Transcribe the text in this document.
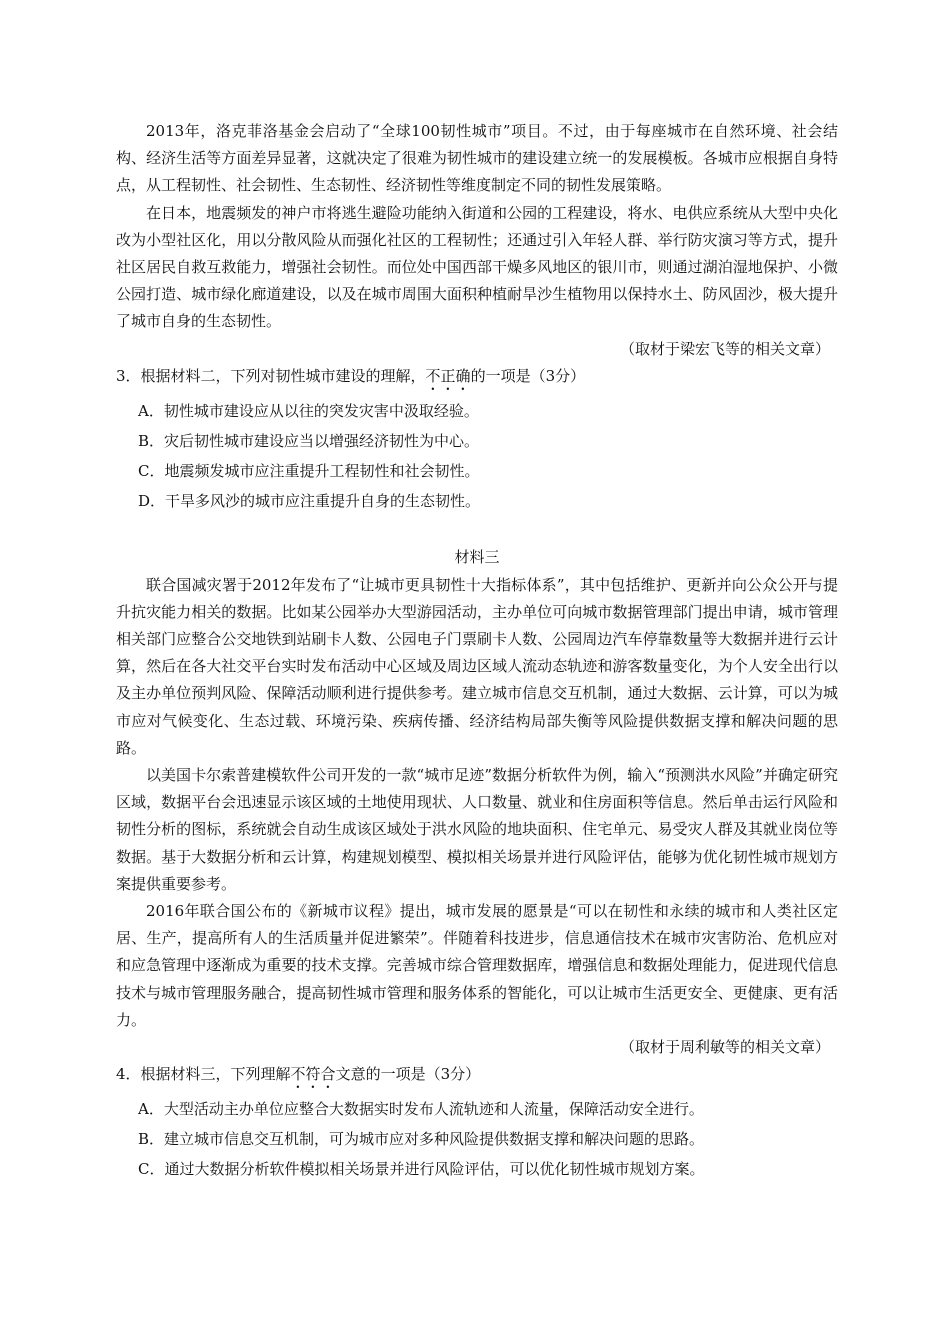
2013年，洛克菲洛基金会启动了“全球100韧性城市”项目。不过，由于每座城市在自然环境、社会结构、经济生活等方面差异显著，这就决定了很难为韧性城市的建设建立统一的发展模板。各城市应根据自身特点，从工程韧性、社会韧性、生态韧性、经济韧性等维度制定不同的韧性发展策略。

在日本，地震频发的神户市将逃生避险功能纳入街道和公园的工程建设，将水、电供应系统从大型中央化改为小型社区化，用以分散风险从而强化社区的工程韧性；还通过引入年轻人群、举行防灾演习等方式，提升社区居民自救互救能力，增强社会韧性。而位处中国西部干燥多风地区的银川市，则通过湖泊湿地保护、小微公园打造、城市绿化廊道建设，以及在城市周围大面积种植耐旱沙生植物用以保持水土、防风固沙，极大提升了城市自身的生态韧性。

（取材于梁宏飞等的相关文章）

3．根据材料二，下列对韧性城市建设的理解，不正确的一项是（3分）

A．韧性城市建设应从以往的突发灾害中汲取经验。

B．灾后韧性城市建设应当以增强经济韧性为中心。

C．地震频发城市应注重提升工程韧性和社会韧性。

D．干旱多风沙的城市应注重提升自身的生态韧性。

材料三

联合国减灾署于2012年发布了“让城市更具韧性十大指标体系”，其中包括维护、更新并向公众公开与提升抗灾能力相关的数据。比如某公园举办大型游园活动，主办单位可向城市数据管理部门提出申请，城市管理相关部门应整合公交地铁到站刷卡人数、公园电子门票刷卡人数、公园周边汽车停靠数量等大数据并进行云计算，然后在各大社交平台实时发布活动中心区域及周边区域人流动态轨迹和游客数量变化，为个人安全出行以及主办单位预判风险、保障活动顺利进行提供参考。建立城市信息交互机制，通过大数据、云计算，可以为城市应对气候变化、生态过载、环境污染、疾病传播、经济结构局部失衡等风险提供数据支撑和解决问题的思路。

以美国卡尔索普建模软件公司开发的一款“城市足迹”数据分析软件为例，输入“预测洪水风险”并确定研究区域，数据平台会迅速显示该区域的土地使用现状、人口数量、就业和住房面积等信息。然后单击运行风险和韧性分析的图标，系统就会自动生成该区域处于洪水风险的地块面积、住宅单元、易受灾人群及其就业岗位等数据。基于大数据分析和云计算，构建规划模型、模拟相关场景并进行风险评估，能够为优化韧性城市规划方案提供重要参考。

2016年联合国公布的《新城市议程》提出，城市发展的愿景是“可以在韧性和永续的城市和人类社区定居、生产，提高所有人的生活质量并促进繁荣”。伴随着科技进步，信息通信技术在城市灾害防治、危机应对和应急管理中逐渐成为重要的技术支撑。完善城市综合管理数据库，增强信息和数据处理能力，促进现代信息技术与城市管理服务融合，提高韧性城市管理和服务体系的智能化，可以让城市生活更安全、更健康、更有活力。

（取材于周利敏等的相关文章）

4．根据材料三，下列理解不符合文意的一项是（3分）

A．大型活动主办单位应整合大数据实时发布人流轨迹和人流量，保障活动安全进行。

B．建立城市信息交互机制，可为城市应对多种风险提供数据支撑和解决问题的思路。

C．通过大数据分析软件模拟相关场景并进行风险评估，可以优化韧性城市规划方案。
